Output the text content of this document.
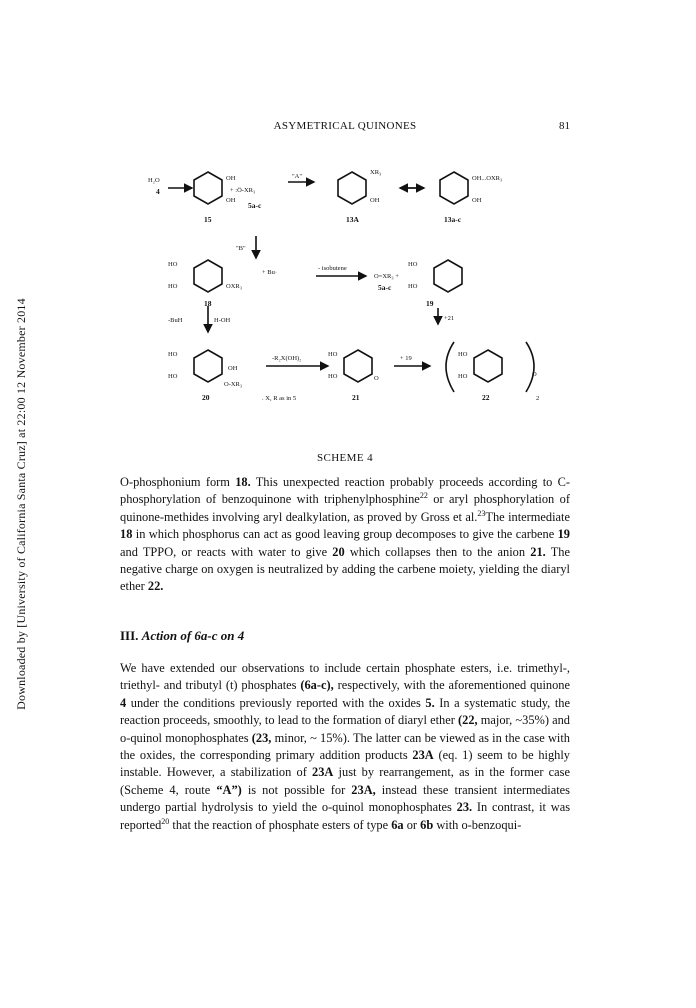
Downloaded by [University of California Santa Cruz] at 22:00 12 November 2014
ASYMETRICAL QUINONES	81
H₂O
4
OH
OH
+ :Ö-XR₃
"A"
5a-c
XR₃
OH
OH...OXR₃
OH
15	13A	13a-c
"B"
HO
HO	OXR₃
+ Bu·
- isobutene
O=XR₃ +
5a-c
HO
HO
18	19
+21
-BuH	H-OH
HO
HO
OH
O-XR₃
-R₂X(OH)₂	+ 19
HO
HO
HO
HO
O
O
. X, R as in 5
20	21	22	2
SCHEME 4

O-phosphonium form 18. This unexpected reaction probably proceeds according to C-phosphorylation of benzoquinone with triphenylphosphine$^{22}$ or aryl phosphorylation of quinone-methides involving aryl dealkylation, as proved by Gross et al.$^{23}$The intermediate 18 in which phosphorus can act as good leaving group decomposes to give the carbene 19 and TPPO, or reacts with water to give 20 which collapses then to the anion 21. The negative charge on oxygen is neutralized by adding the carbene moiety, yielding the diaryl ether 22.

III. Action of 6a-c on 4

We have extended our observations to include certain phosphate esters, i.e. trimethyl-, triethyl- and tributyl (t) phosphates (6a-c), respectively, with the aforementioned quinone 4 under the conditions previously reported with the oxides 5. In a systematic study, the reaction proceeds, smoothly, to lead to the formation of diaryl ether (22, major, ~35%) and o-quinol monophosphates (23, minor, ~ 15%). The latter can be viewed as in the case with the oxides, the corresponding primary addition products 23A (eq. 1) seem to be highly instable. However, a stabilization of 23A just by rearrangement, as in the former case (Scheme 4, route “A”) is not possible for 23A, instead these transient intermediates undergo partial hydrolysis to yield the o-quinol monophosphates 23. In contrast, it was reported$^{20}$ that the reaction of phosphate esters of type 6a or 6b with o-benzoqui-
